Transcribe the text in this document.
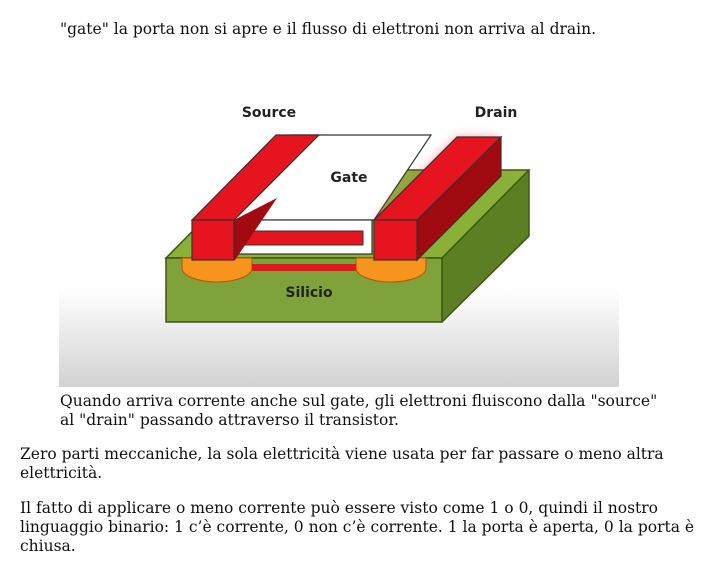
"gate" la porta non si apre e il flusso di elettroni non arriva al drain.

Source	Drain
Gate
Silicio

Quando arriva corrente anche sul gate, gli elettroni fluiscono dalla "source"
al "drain" passando attraverso il transistor.

Zero parti meccaniche, la sola elettricità viene usata per far passare o meno altra
elettricità.

Il fatto di applicare o meno corrente può essere visto come 1 o 0, quindi il nostro
linguaggio binario: 1 c’è corrente, 0 non c’è corrente. 1 la porta è aperta, 0 la porta è
chiusa.
